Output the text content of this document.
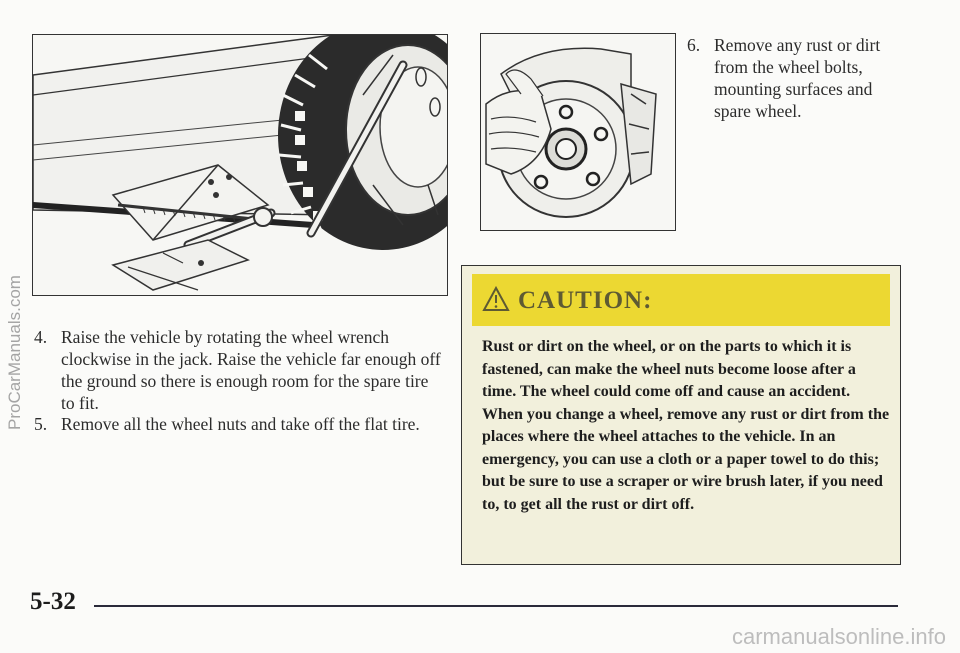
6. Remove any rust or dirt from the wheel bolts, mounting surfaces and spare wheel.
4. Raise the vehicle by rotating the wheel wrench clockwise in the jack. Raise the vehicle far enough off the ground so there is enough room for the spare tire to fit.
5. Remove all the wheel nuts and take off the flat tire.
CAUTION:
Rust or dirt on the wheel, or on the parts to which it is fastened, can make the wheel nuts become loose after a time. The wheel could come off and cause an accident. When you change a wheel, remove any rust or dirt from the places where the wheel attaches to the vehicle. In an emergency, you can use a cloth or a paper towel to do this; but be sure to use a scraper or wire brush later, if you need to, to get all the rust or dirt off.
5-32
ProCarManuals.com
carmanualsonline.info
